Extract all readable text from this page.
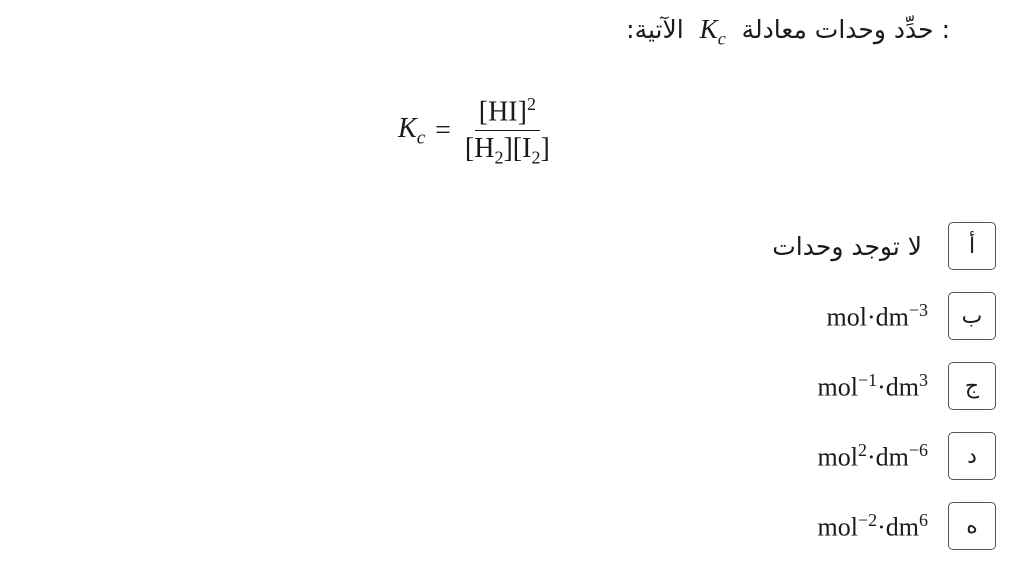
: حدِّد وحدات معادلة $K_c$ الآتية:
$K_c = \frac{[HI]^2}{[H_2][I_2]}$
أ
لا توجد وحدات
ب
$mol\cdot dm^{-3}$
ج
$mol^{-1}\cdot dm^3$
د
$mol^2\cdot dm^{-6}$
ه
$mol^{-2}\cdot dm^6$
